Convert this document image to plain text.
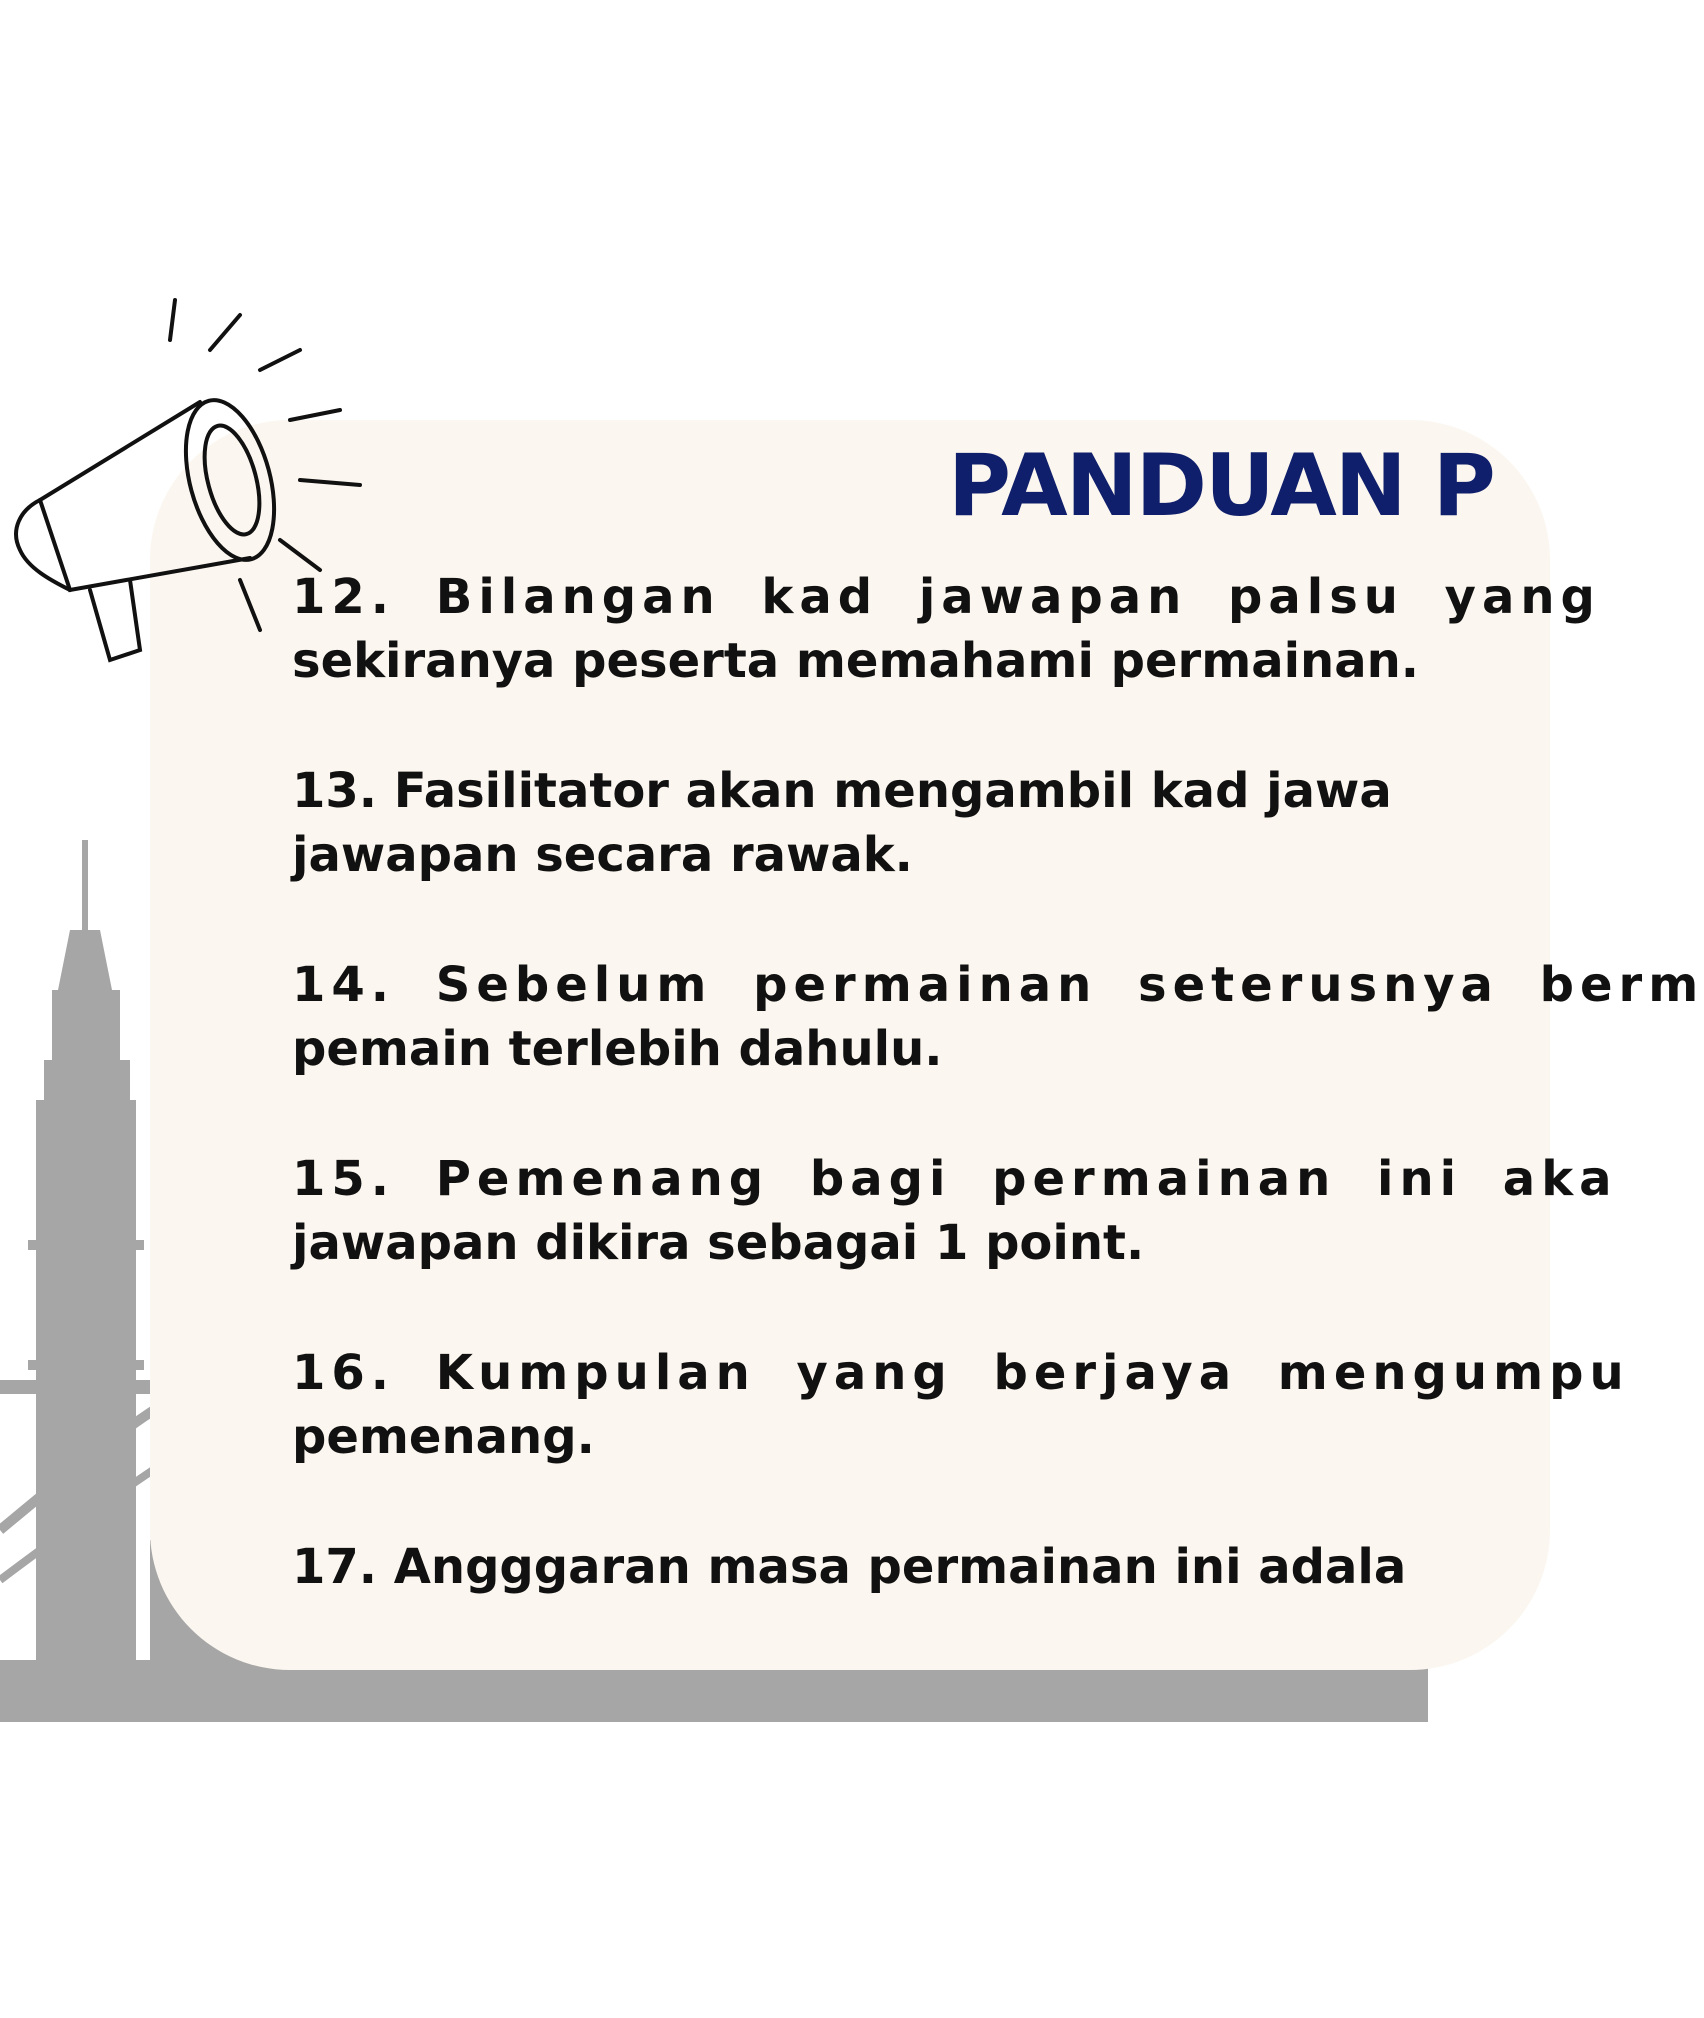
PANDUAN P
12. Bilangan kad jawapan palsu yang
sekiranya peserta memahami permainan.
13. Fasilitator akan mengambil kad jawa
jawapan secara rawak.
14. Sebelum permainan seterusnya berm
pemain terlebih dahulu.
15. Pemenang bagi permainan ini aka
jawapan dikira sebagai 1 point.
16. Kumpulan yang berjaya mengumpu
pemenang.
17. Angggaran masa permainan ini adala
